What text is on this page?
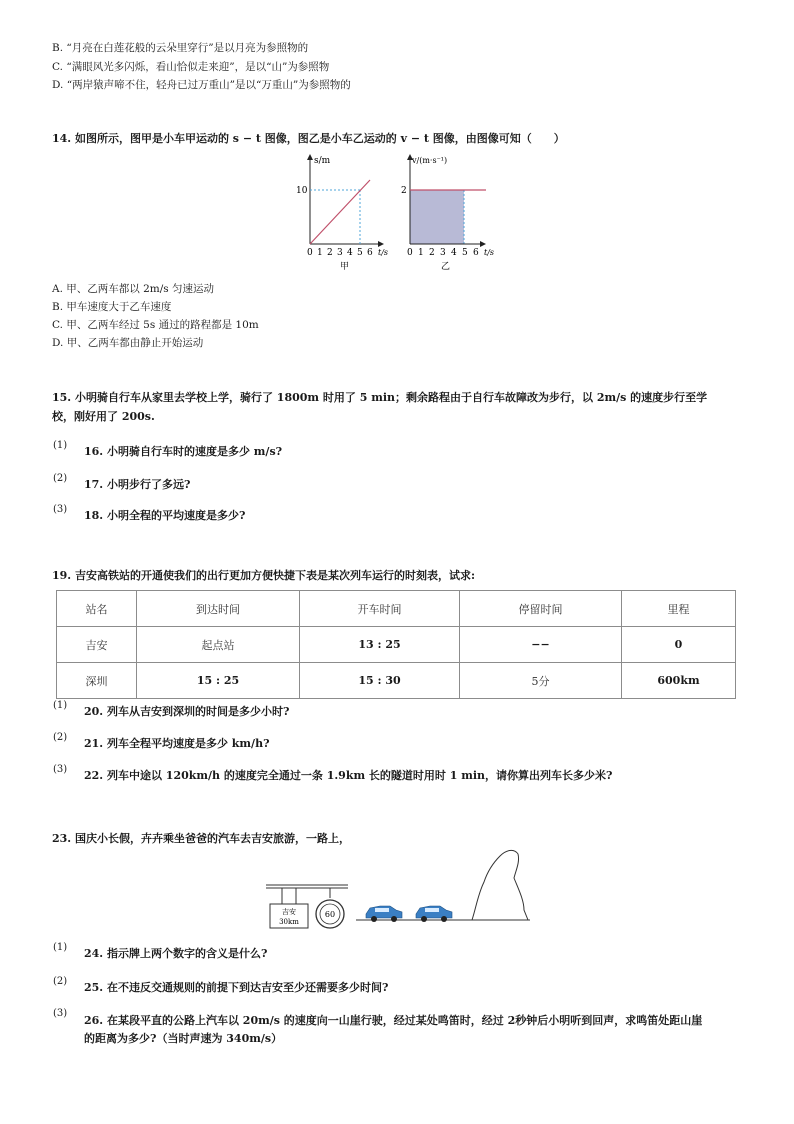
B. “月亮在白莲花般的云朵里穿行”是以月亮为参照物的
C. “满眼风光多闪烁，看山恰似走来迎”，是以“山”为参照物
D. “两岸猿声啼不住，轻舟已过万重山”是以“万重山”为参照物的
14. 如图所示，图甲是小车甲运动的 s − t 图像，图乙是小车乙运动的 v − t 图像，由图像可知（　　）
s/m
10
t/s
0 1 2 3 4 5 6
甲
v/(m·s⁻¹)
2
t/s
0 1 2 3 4 5 6
乙
A. 甲、乙两车都以 2m/s 匀速运动
B. 甲车速度大于乙车速度
C. 甲、乙两车经过 5s 通过的路程都是 10m
D. 甲、乙两车都由静止开始运动
15. 小明骑自行车从家里去学校上学，骑行了 1800m 时用了 5 min；剩余路程由于自行车故障改为步行，以 2m/s 的速度步行至学
校，刚好用了 200s.
(1) 16. 小明骑自行车时的速度是多少 m/s?
(2) 17. 小明步行了多远?
(3) 18. 小明全程的平均速度是多少?
19. 吉安高铁站的开通使我们的出行更加方便快捷下表是某次列车运行的时刻表，试求:
站名	到达时间	开车时间	停留时间	里程
吉安	起点站	13 : 25	−−	0
深圳	15 : 25	15 : 30	5分	600km
(1) 20. 列车从吉安到深圳的时间是多少小时?
(2) 21. 列车全程平均速度是多少 km/h?
(3) 22. 列车中途以 120km/h 的速度完全通过一条 1.9km 长的隧道时用时 1 min，请你算出列车长多少米?
23. 国庆小长假，卉卉乘坐爸爸的汽车去吉安旅游，一路上，
吉安
30km
60
(1) 24. 指示牌上两个数字的含义是什么?
(2) 25. 在不违反交通规则的前提下到达吉安至少还需要多少时间?
(3)
26. 在某段平直的公路上汽车以 20m/s 的速度向一山崖行驶，经过某处鸣笛时，经过 2秒钟后小明听到回声，求鸣笛处距山崖
的距离为多少?（当时声速为 340m/s）
